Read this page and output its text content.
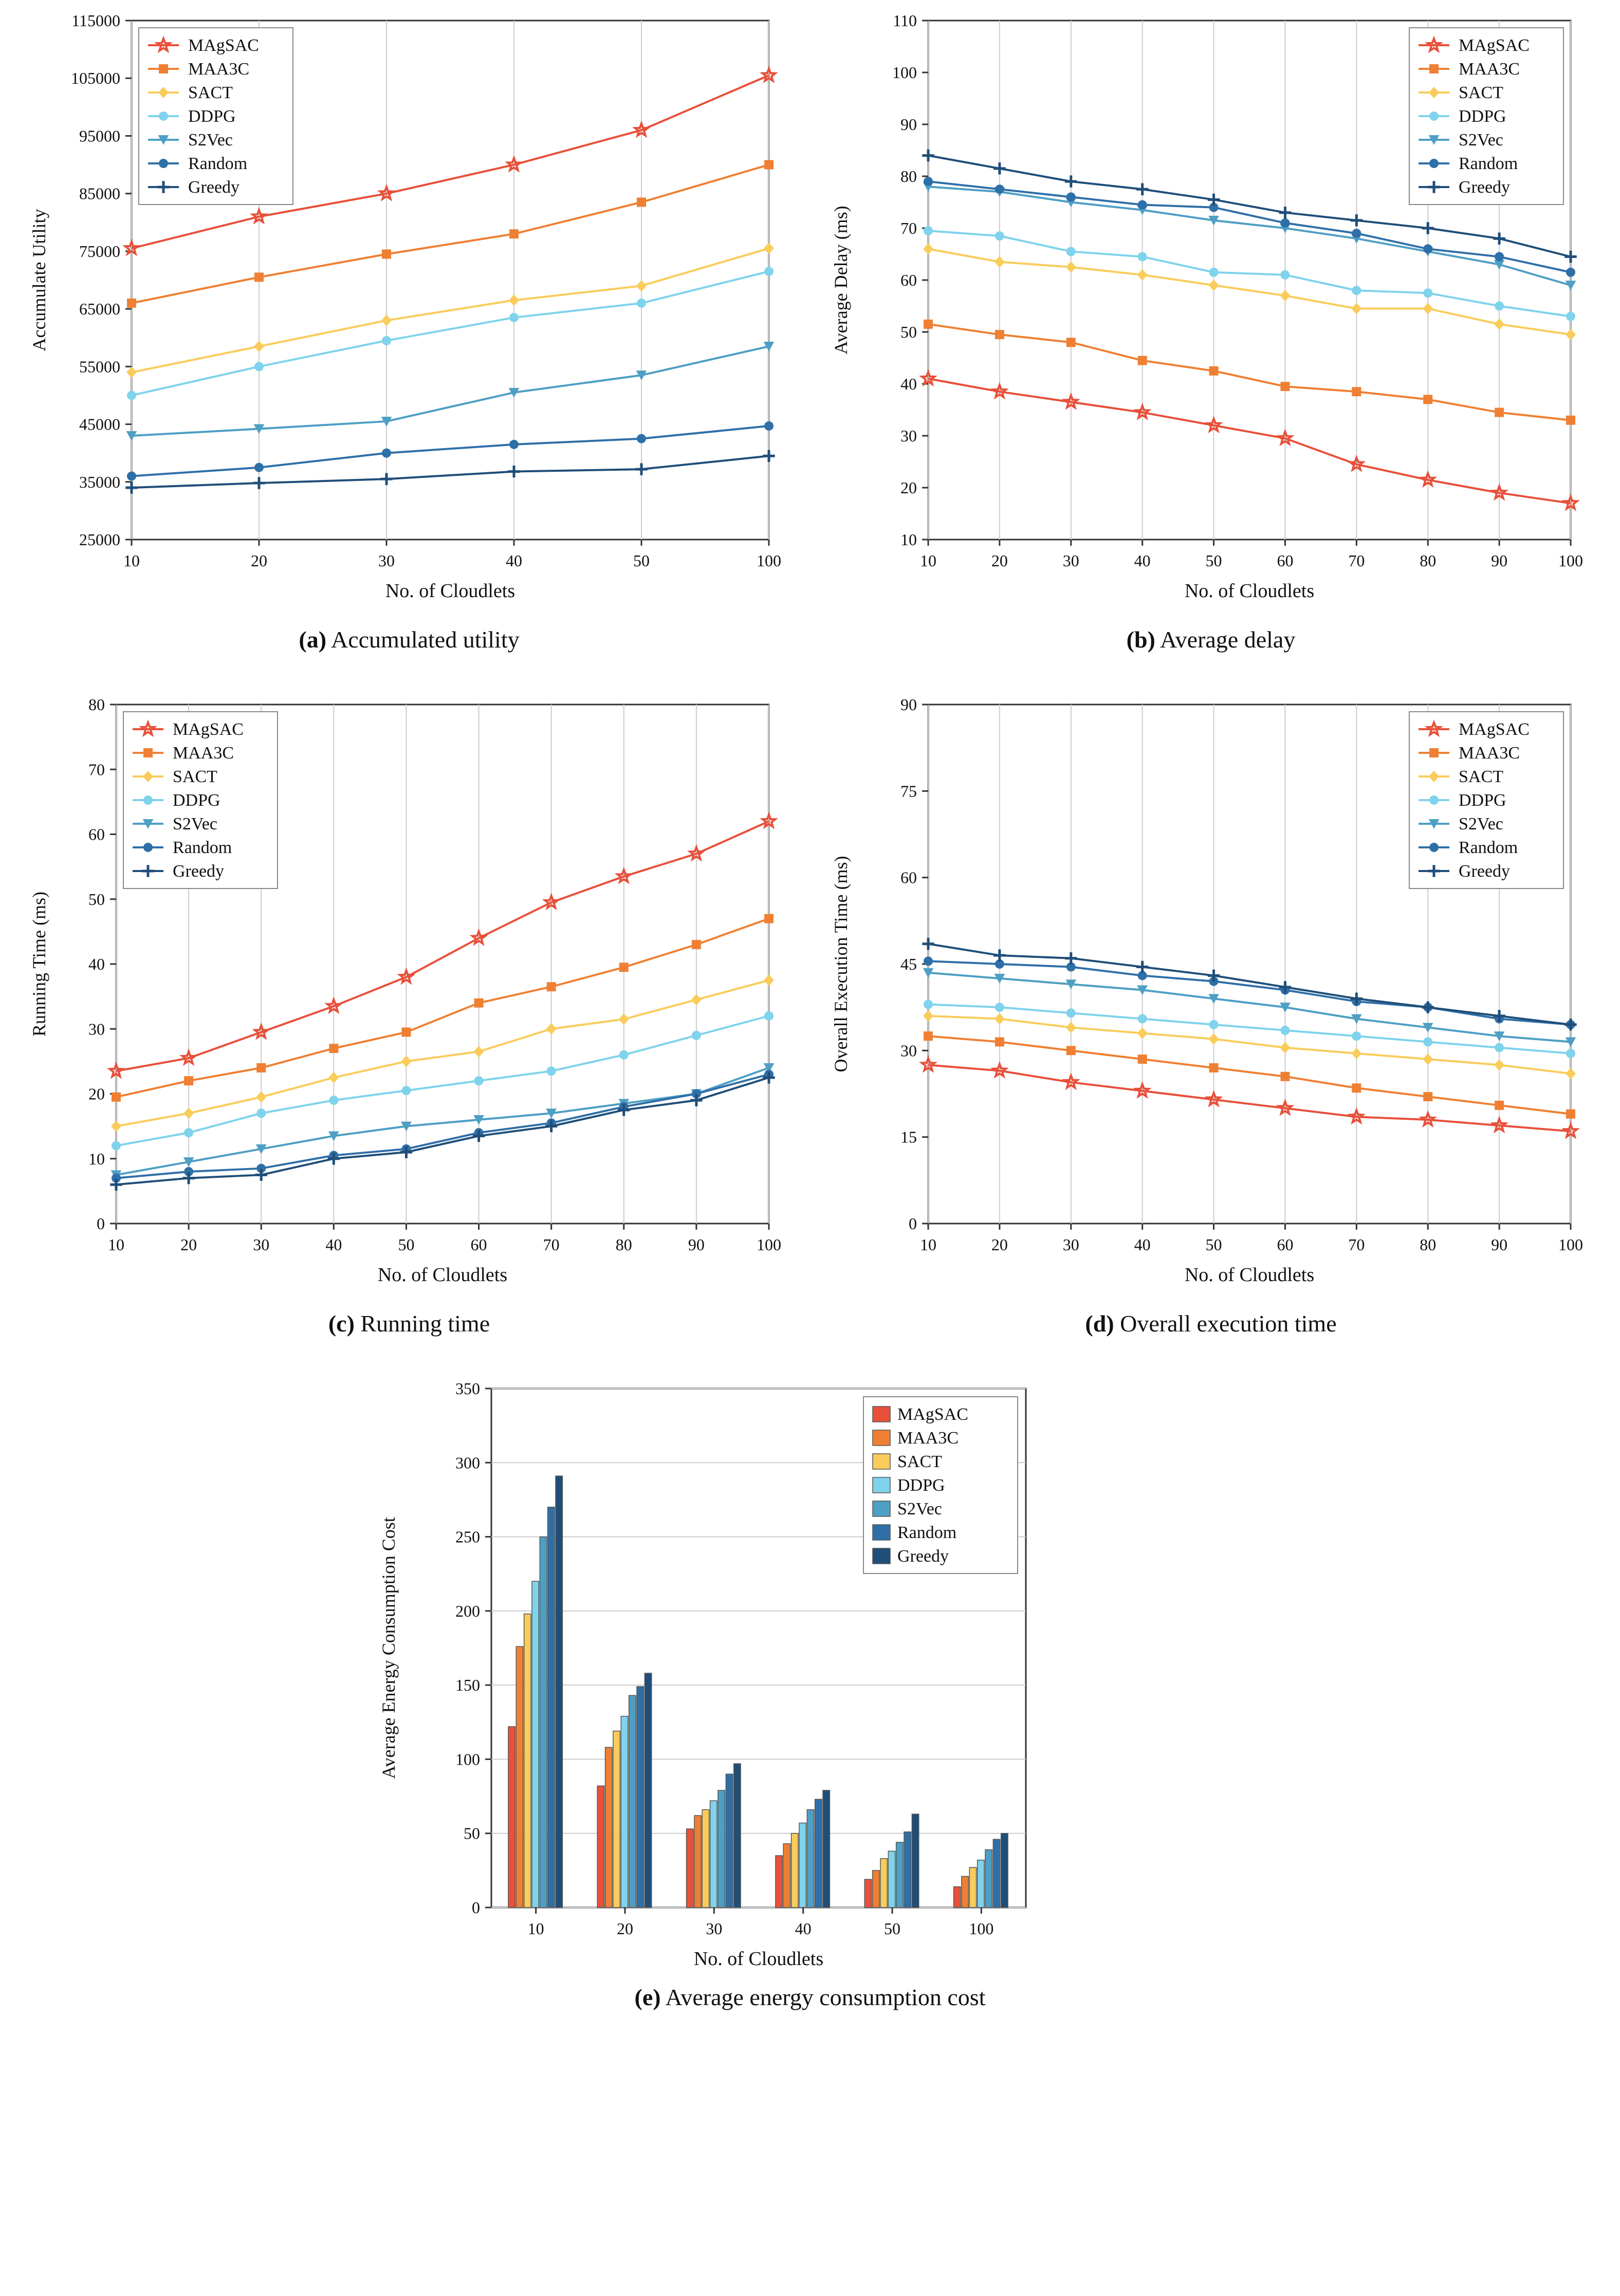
10	20	30	40	50	100
25000
35000
45000
55000
65000
75000
85000
95000
105000
115000
No. of Cloudlets
Accumulate Utility
MAgSAC
MAA3C
SACT
DDPG
S2Vec
Random
Greedy
(a) Accumulated utility
10	20	30	40	50	60	70	80	90	100
10
20
30
40
50
60
70
80
90
100
110
No. of Cloudlets
Average Delay (ms)
MAgSAC
MAA3C
SACT
DDPG
S2Vec
Random
Greedy
(b) Average delay
10	20	30	40	50	60	70	80	90	100
0
10
20
30
40
50
60
70
80
No. of Cloudlets
Running Time (ms)
MAgSAC
MAA3C
SACT
DDPG
S2Vec
Random
Greedy
(c) Running time
10	20	30	40	50	60	70	80	90	100
0
15
30
45
60
75
90
No. of Cloudlets
Overall Execution Time (ms)
MAgSAC
MAA3C
SACT
DDPG
S2Vec
Random
Greedy
(d) Overall execution time
0
50
100
150
200
250
300
350
10	20	30	40	50	100
No. of Cloudlets
Average Energy Consumption Cost
MAgSAC
MAA3C
SACT
DDPG
S2Vec
Random
Greedy
(e) Average energy consumption cost
